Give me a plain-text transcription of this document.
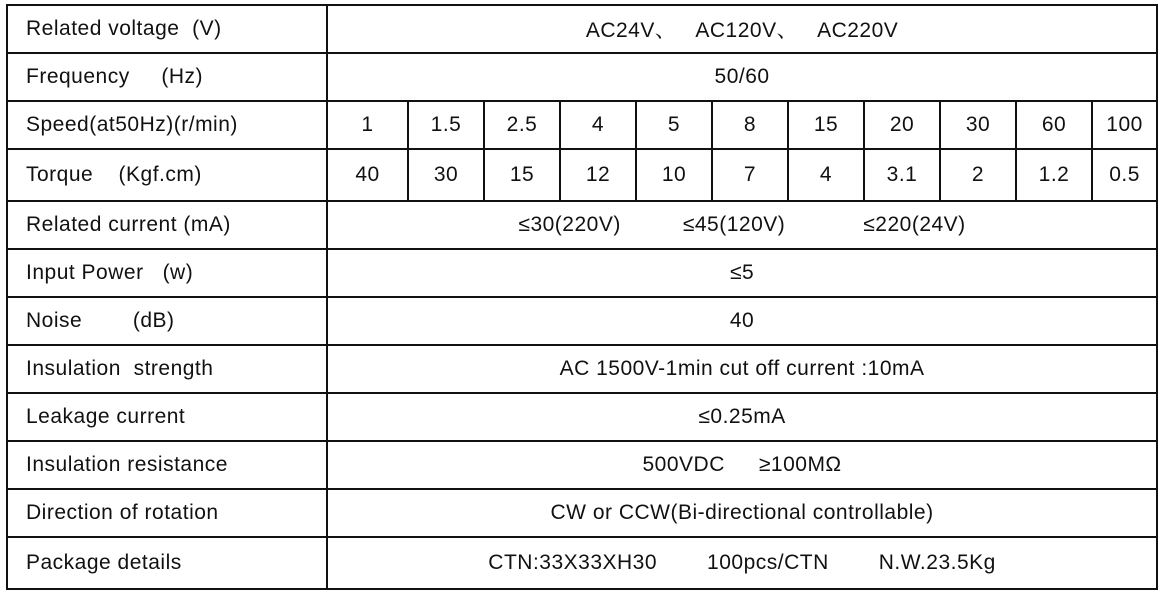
Related voltage  (V)	AC24V、   AC120V、   AC220V										
Frequency     (Hz)	50/60										
Speed(at50Hz)(r/min)	1	1.5	2.5	4	5	8	15	20	30	60	100
Torque    (Kgf.cm)	40	30	15	12	10	7	4	3.1	2	1.2	0.5
Related current (mA)	≤30(220V) ≤45(120V) ≤220(24V)										
Input Power   (w)	≤5										
Noise        (dB)	40										
Insulation  strength	AC 1500V-1min cut off current :10mA										
Leakage current	≤0.25mA										
Insulation resistance	500VDC ≥100MΩ										
Direction of rotation	CW or CCW(Bi-directional controllable)										
Package details	CTN:33X33XH30 100pcs/CTN N.W.23.5Kg										
